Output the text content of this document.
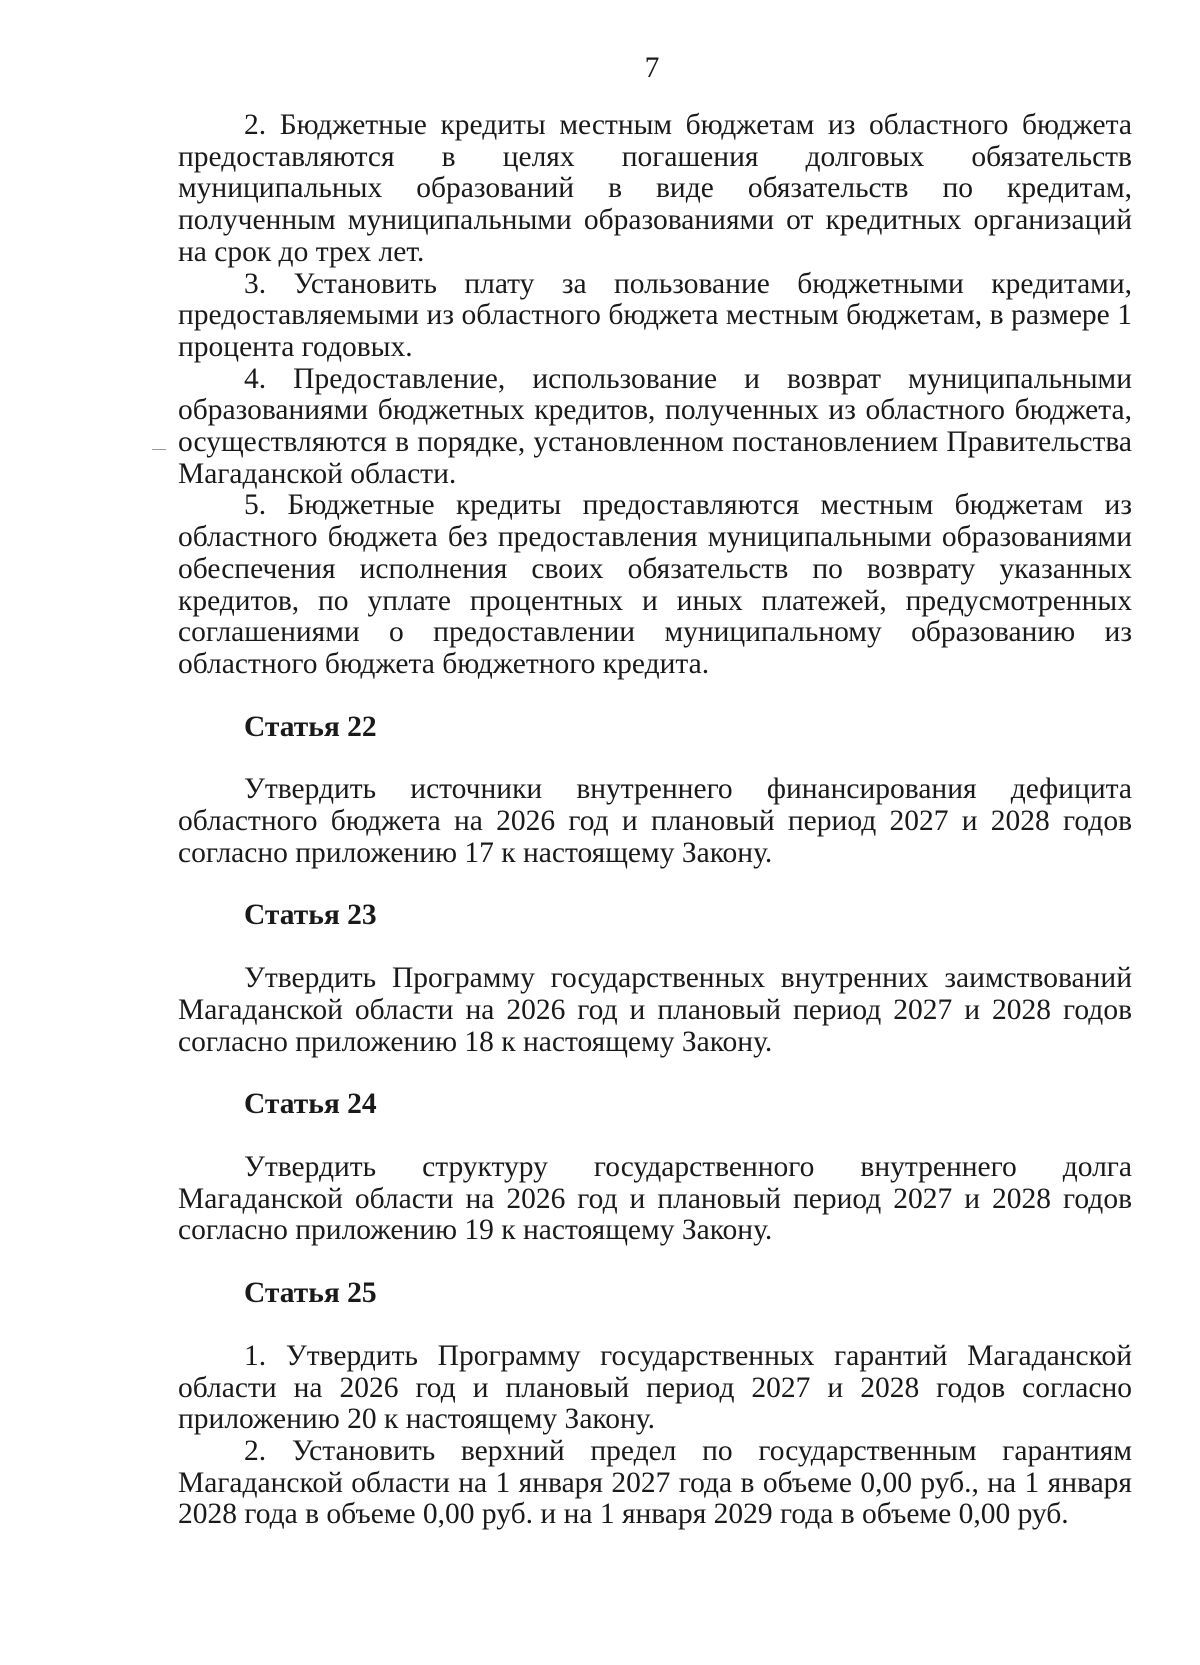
7

2. Бюджетные кредиты местным бюджетам из областного бюджета предоставляются в целях погашения долговых обязательств муниципальных образований в виде обязательств по кредитам, полученным муниципальными образованиями от кредитных организаций на срок до трех лет.

3. Установить плату за пользование бюджетными кредитами, предоставляемыми из областного бюджета местным бюджетам, в размере 1 процента годовых.

4. Предоставление, использование и возврат муниципальными образованиями бюджетных кредитов, полученных из областного бюджета, осуществляются в порядке, установленном постановлением Правительства Магаданской области.

5. Бюджетные кредиты предоставляются местным бюджетам из областного бюджета без предоставления муниципальными образованиями обеспечения исполнения своих обязательств по возврату указанных кредитов, по уплате процентных и иных платежей, предусмотренных соглашениями о предоставлении муниципальному образованию из областного бюджета бюджетного кредита.

Статья 22

Утвердить источники внутреннего финансирования дефицита областного бюджета на 2026 год и плановый период 2027 и 2028 годов согласно приложению 17 к настоящему Закону.

Статья 23

Утвердить Программу государственных внутренних заимствований Магаданской области на 2026 год и плановый период 2027 и 2028 годов согласно приложению 18 к настоящему Закону.

Статья 24

Утвердить структуру государственного внутреннего долга Магаданской области на 2026 год и плановый период 2027 и 2028 годов согласно приложению 19 к настоящему Закону.

Статья 25

1. Утвердить Программу государственных гарантий Магаданской области на 2026 год и плановый период 2027 и 2028 годов согласно приложению 20 к настоящему Закону.

2. Установить верхний предел по государственным гарантиям Магаданской области на 1 января 2027 года в объеме 0,00 руб., на 1 января 2028 года в объеме 0,00 руб. и на 1 января 2029 года в объеме 0,00 руб.
